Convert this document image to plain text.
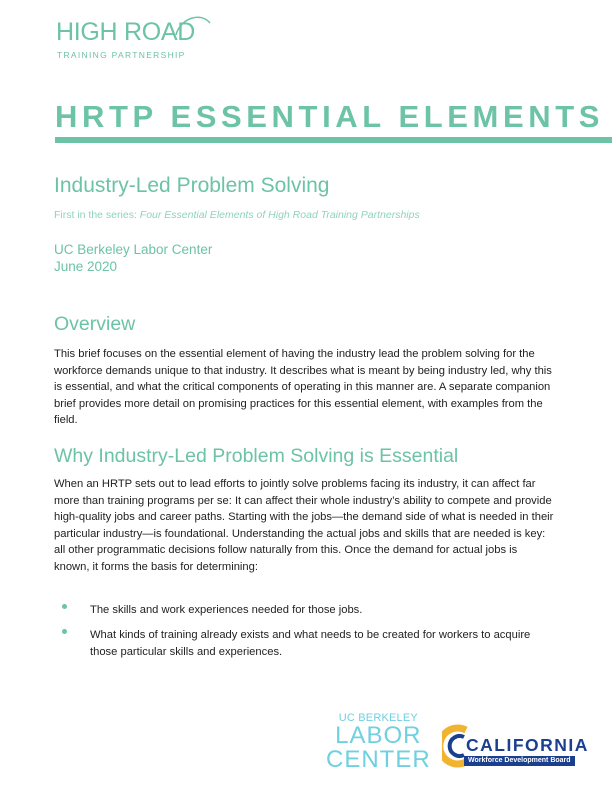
HIGH ROAD
TRAINING PARTNERSHIP
HRTP ESSENTIAL ELEMENTS
Industry-Led Problem Solving
First in the series: Four Essential Elements of High Road Training Partnerships
UC Berkeley Labor Center
June 2020
Overview
This brief focuses on the essential element of having the industry lead the problem solving for the workforce demands unique to that industry. It describes what is meant by being industry led, why this is essential, and what the critical components of operating in this manner are. A separate companion brief provides more detail on promising practices for this essential element, with examples from the field.
Why Industry-Led Problem Solving is Essential
When an HRTP sets out to lead efforts to jointly solve problems facing its industry, it can affect far more than training programs per se: It can affect their whole industry’s ability to compete and provide high-quality jobs and career paths. Starting with the jobs—the demand side of what is needed in their particular industry—is foundational. Understanding the actual jobs and skills that are needed is key: all other programmatic decisions follow naturally from this. Once the demand for actual jobs is known, it forms the basis for determining:
The skills and work experiences needed for those jobs.
What kinds of training already exists and what needs to be created for workers to acquire those particular skills and experiences.
UC BERKELEY
LABOR
CENTER
CALIFORNIA
Workforce Development Board
